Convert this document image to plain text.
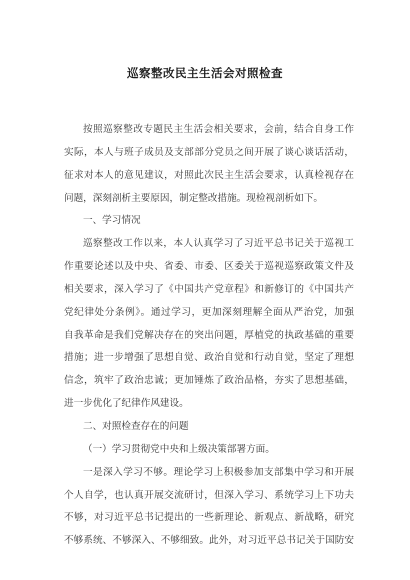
巡察整改民主生活会对照检查
按照巡察整改专题民主生活会相关要求，会前，结合自身工作
实际，本人与班子成员及支部部分党员之间开展了谈心谈话活动，
征求对本人的意见建议，对照此次民主生活会要求，认真检视存在
问题，深刻剖析主要原因，制定整改措施。现检视剖析如下。
一、学习情况
巡察整改工作以来，本人认真学习了习近平总书记关于巡视工
作重要论述以及中央、省委、市委、区委关于巡视巡察政策文件及
相关要求，深入学习了《中国共产党章程》和新修订的《中国共产
党纪律处分条例》。通过学习，更加深刻理解全面从严治党，加强
自我革命是我们党解决存在的突出问题，厚植党的执政基础的重要
措施；进一步增强了思想自觉、政治自觉和行动自觉，坚定了理想
信念，筑牢了政治忠诚；更加锤炼了政治品格，夯实了思想基础，
进一步优化了纪律作风建设。
二、对照检查存在的问题
（一）学习贯彻党中央和上级决策部署方面。
一是深入学习不够。理论学习上积极参加支部集中学习和开展
个人自学，也认真开展交流研讨，但深入学习、系统学习上下功夫
不够，对习近平总书记提出的一些新理论、新观点、新战略，研究
不够系统、不够深入、不够细致。此外，对习近平总书记关于国防安
